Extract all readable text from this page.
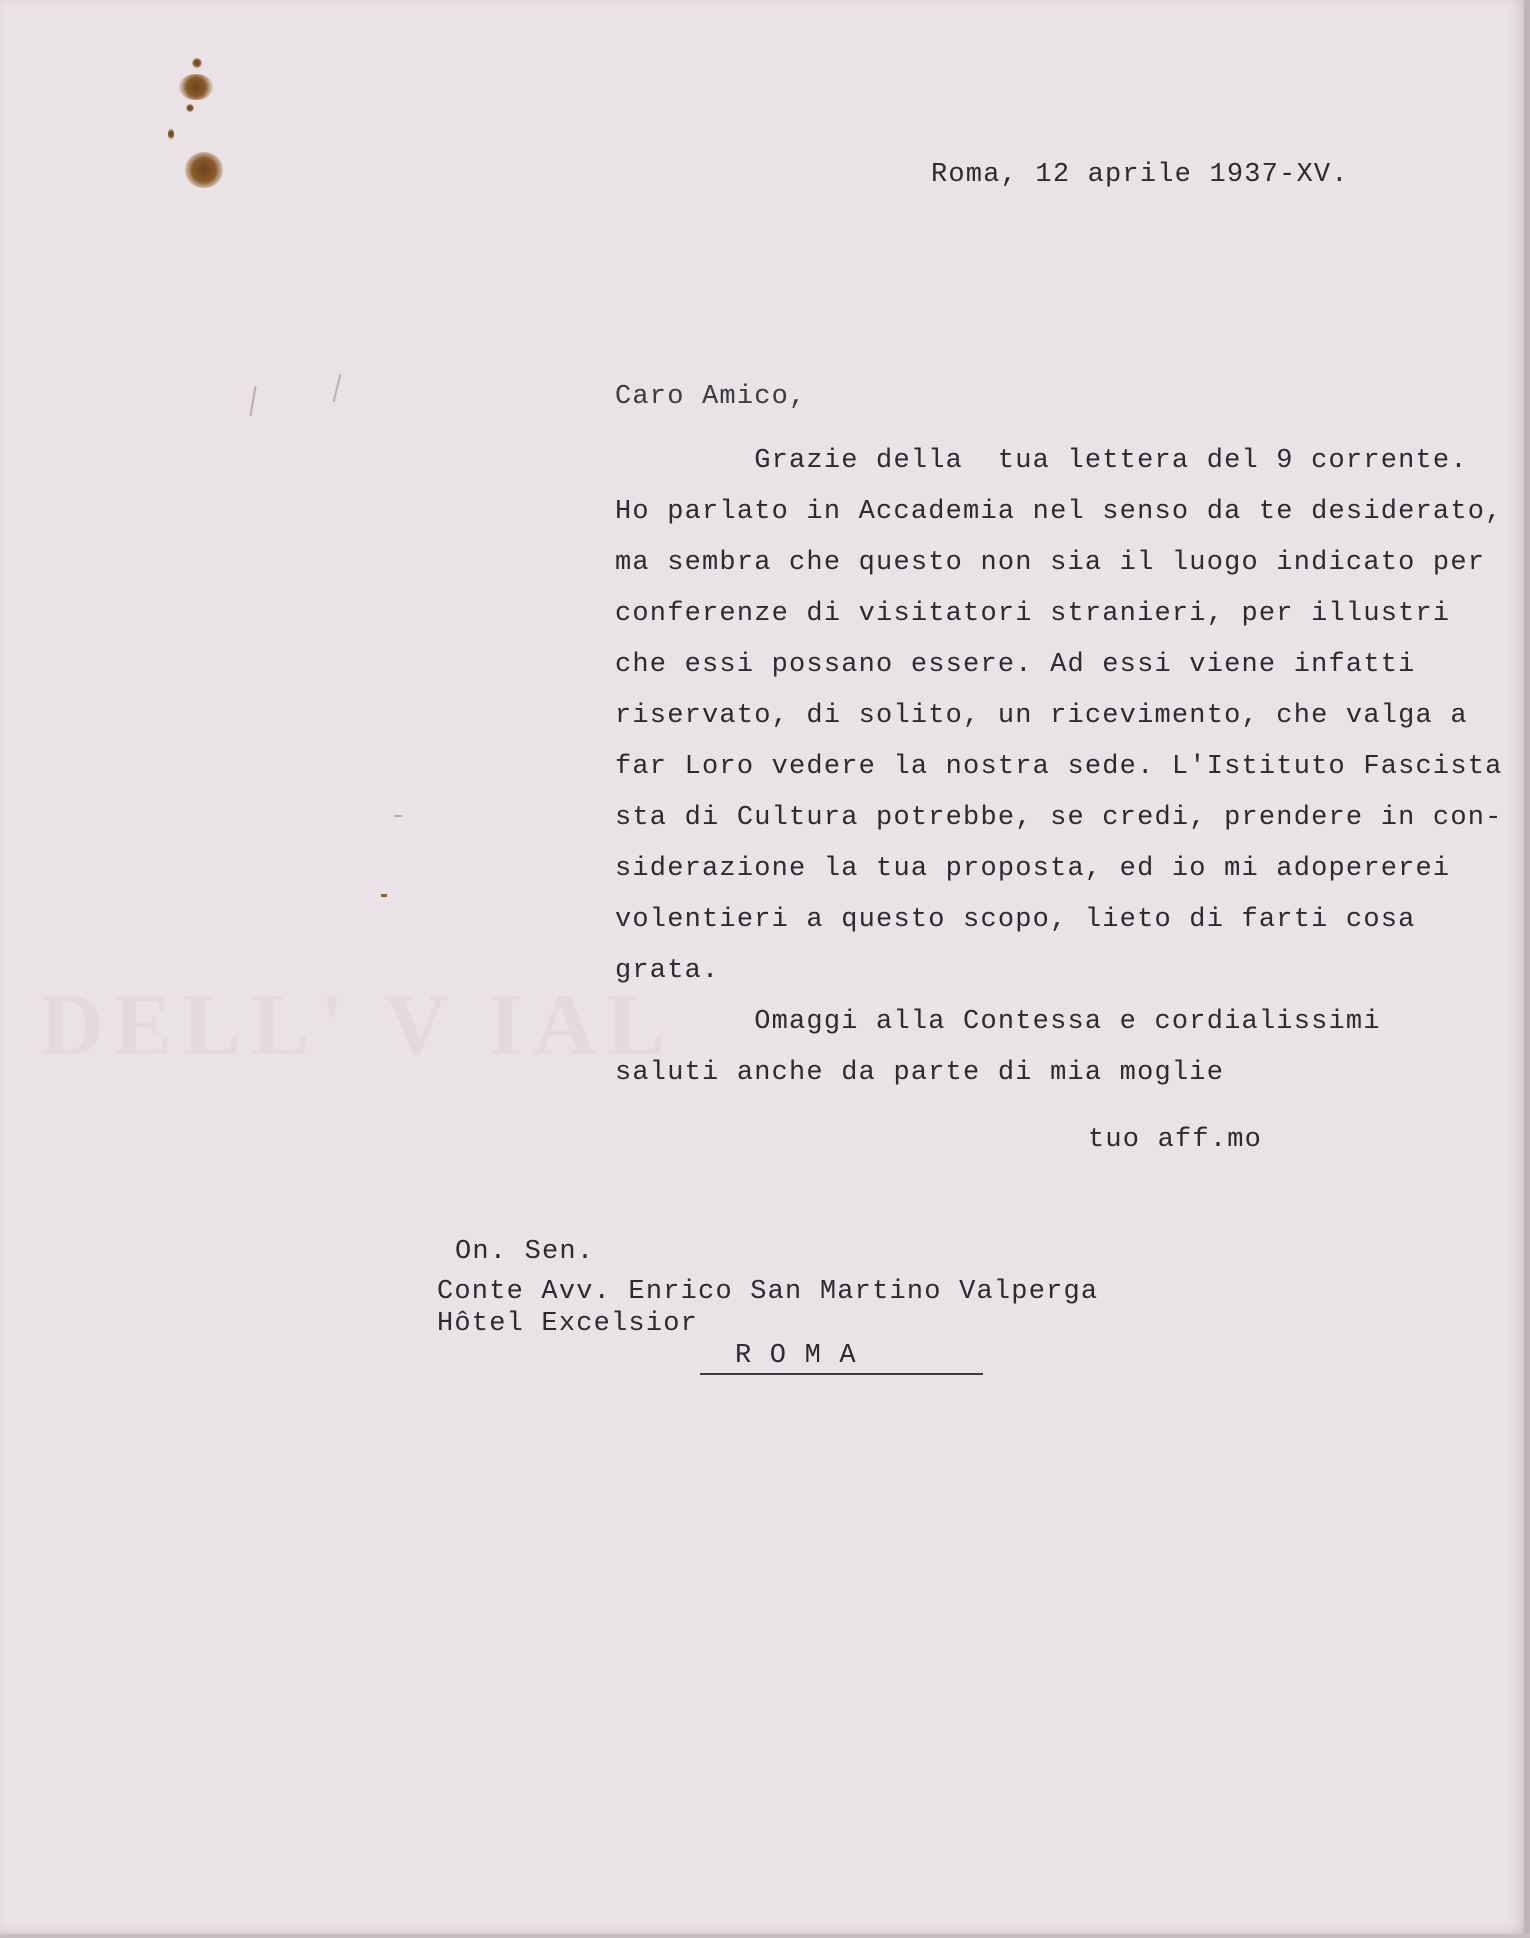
DELL' V IAL
Roma, 12 aprile 1937-XV.
Caro Amico,
Grazie della  tua lettera del 9 corrente.
Ho parlato in Accademia nel senso da te desiderato,
ma sembra che questo non sia il luogo indicato per
conferenze di visitatori stranieri, per illustri
che essi possano essere. Ad essi viene infatti
riservato, di solito, un ricevimento, che valga a
far Loro vedere la nostra sede. L'Istituto Fascista
sta di Cultura potrebbe, se credi, prendere in con-
siderazione la tua proposta, ed io mi adopererei
volentieri a questo scopo, lieto di farti cosa
grata.
Omaggi alla Contessa e cordialissimi
saluti anche da parte di mia moglie
tuo aff.mo
On. Sen.
Conte Avv. Enrico San Martino Valperga
Hôtel Excelsior
R O M A
